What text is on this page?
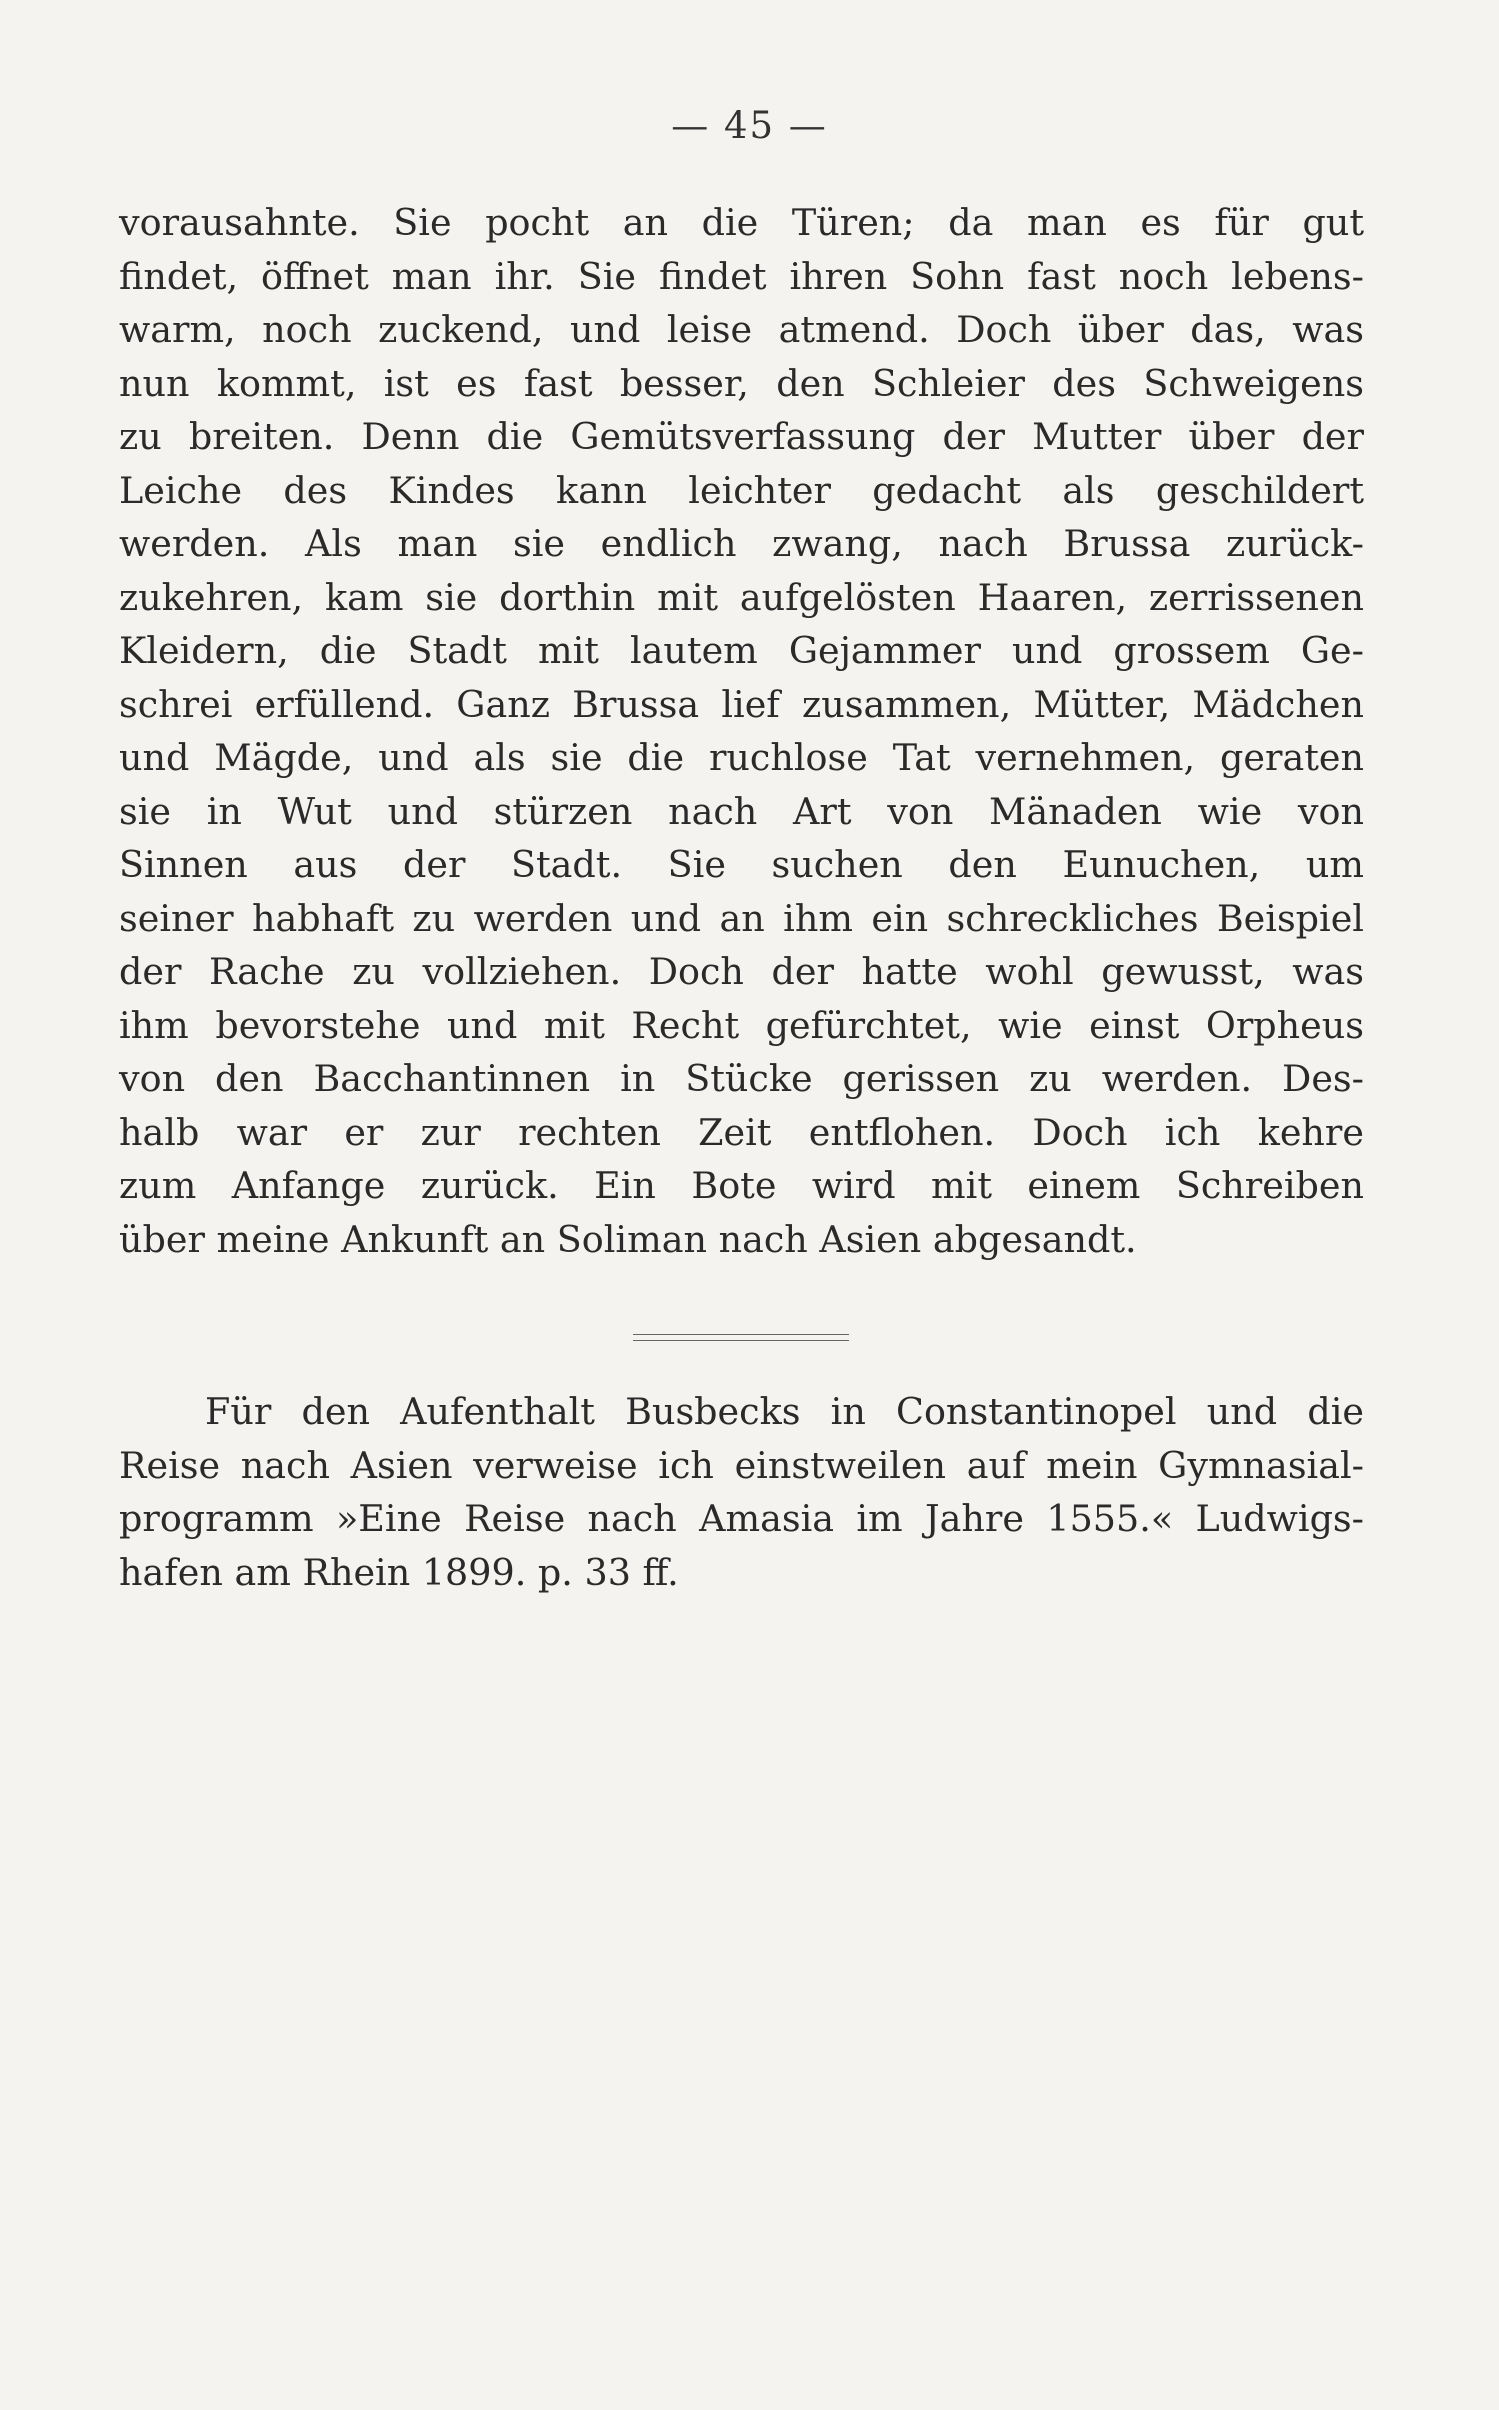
— 45 —
vorausahnte. Sie pocht an die Türen; da man es für gut
findet, öffnet man ihr. Sie findet ihren Sohn fast noch lebens-
warm, noch zuckend, und leise atmend. Doch über das, was
nun kommt, ist es fast besser, den Schleier des Schweigens
zu breiten. Denn die Gemütsverfassung der Mutter über der
Leiche des Kindes kann leichter gedacht als geschildert
werden. Als man sie endlich zwang, nach Brussa zurück-
zukehren, kam sie dorthin mit aufgelösten Haaren, zerrissenen
Kleidern, die Stadt mit lautem Gejammer und grossem Ge-
schrei erfüllend. Ganz Brussa lief zusammen, Mütter, Mädchen
und Mägde, und als sie die ruchlose Tat vernehmen, geraten
sie in Wut und stürzen nach Art von Mänaden wie von
Sinnen aus der Stadt. Sie suchen den Eunuchen, um
seiner habhaft zu werden und an ihm ein schreckliches Beispiel
der Rache zu vollziehen. Doch der hatte wohl gewusst, was
ihm bevorstehe und mit Recht gefürchtet, wie einst Orpheus
von den Bacchantinnen in Stücke gerissen zu werden. Des-
halb war er zur rechten Zeit entflohen. Doch ich kehre
zum Anfange zurück. Ein Bote wird mit einem Schreiben
über meine Ankunft an Soliman nach Asien abgesandt.
Für den Aufenthalt Busbecks in Constantinopel und die
Reise nach Asien verweise ich einstweilen auf mein Gymnasial-
programm »Eine Reise nach Amasia im Jahre 1555.« Ludwigs-
hafen am Rhein 1899. p. 33 ff.
